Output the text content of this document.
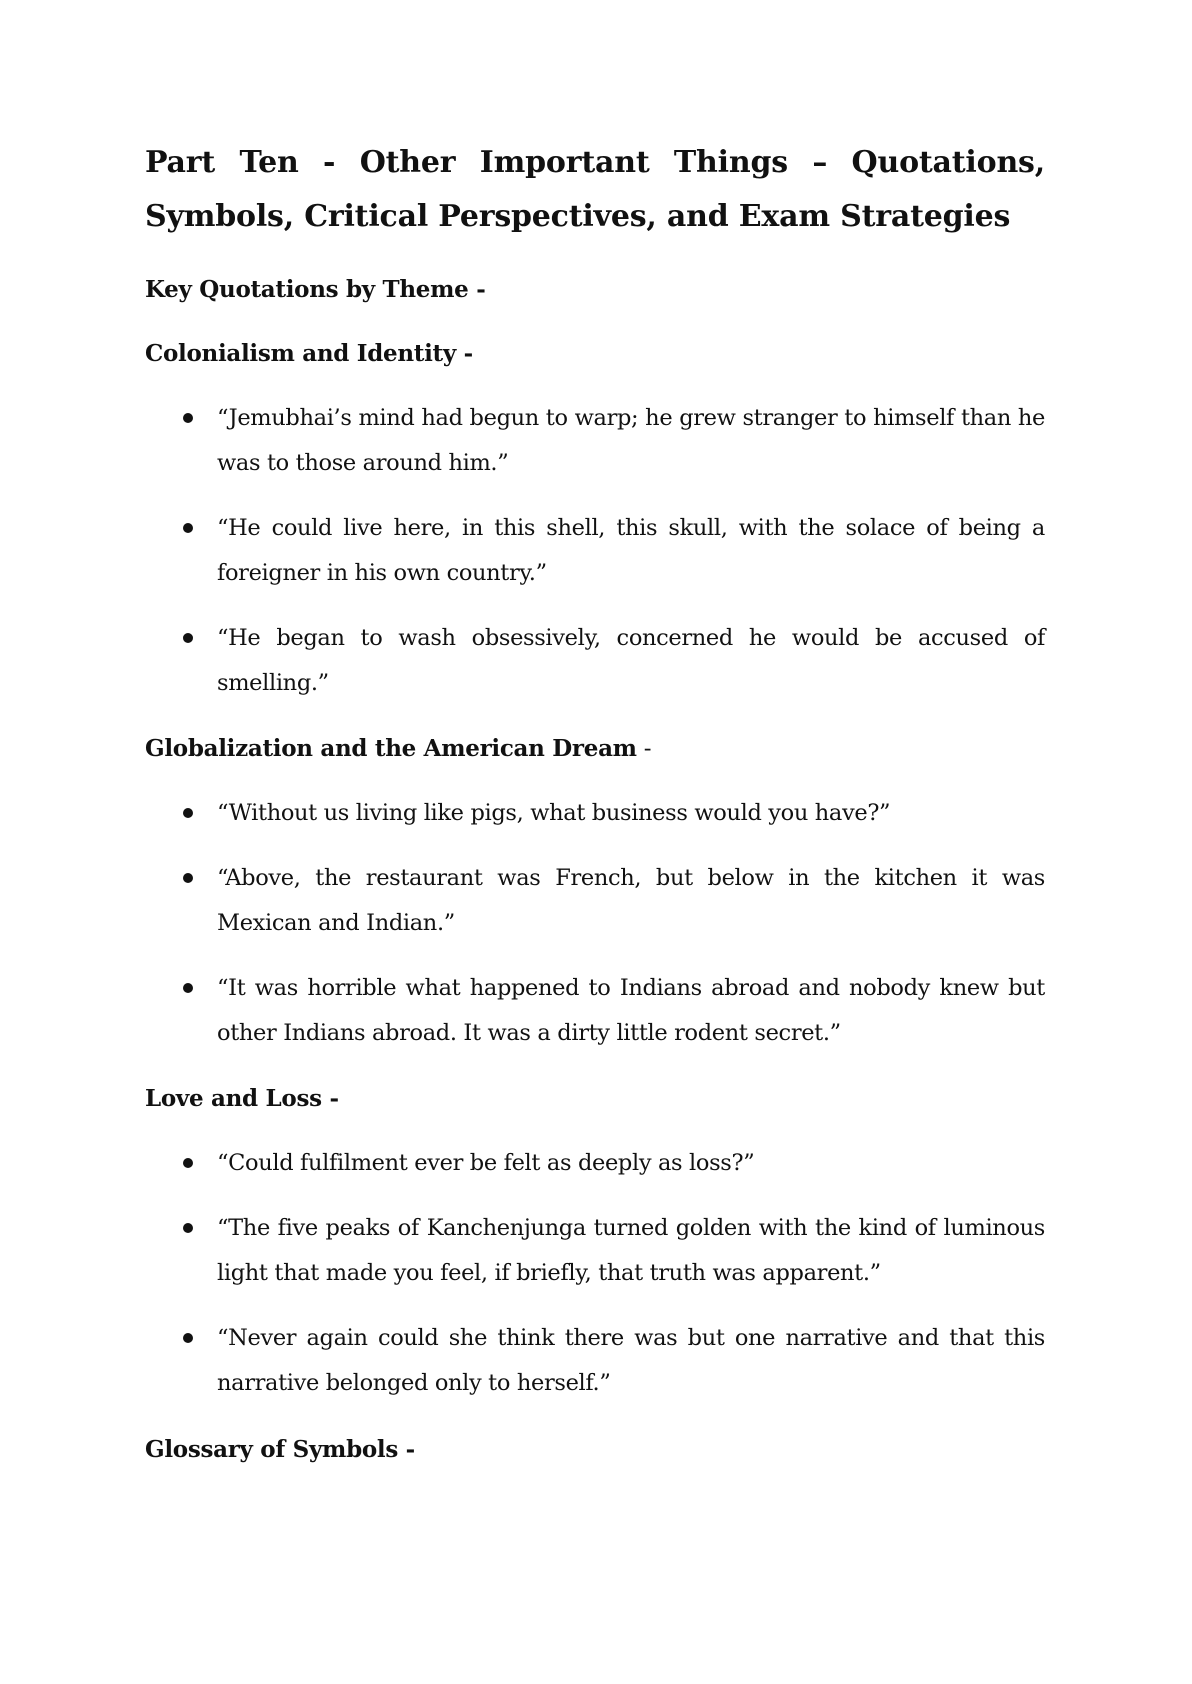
Part Ten - Other Important Things – Quotations, Symbols, Critical Perspectives, and Exam Strategies
Key Quotations by Theme -
Colonialism and Identity -
“Jemubhai’s mind had begun to warp; he grew stranger to himself than he was to those around him.”
“He could live here, in this shell, this skull, with the solace of being a foreigner in his own country.”
“He began to wash obsessively, concerned he would be accused of smelling.”
Globalization and the American Dream -
“Without us living like pigs, what business would you have?”
“Above, the restaurant was French, but below in the kitchen it was Mexican and Indian.”
“It was horrible what happened to Indians abroad and nobody knew but other Indians abroad. It was a dirty little rodent secret.”
Love and Loss -
“Could fulfilment ever be felt as deeply as loss?”
“The five peaks of Kanchenjunga turned golden with the kind of luminous light that made you feel, if briefly, that truth was apparent.”
“Never again could she think there was but one narrative and that this narrative belonged only to herself.”
Glossary of Symbols -
